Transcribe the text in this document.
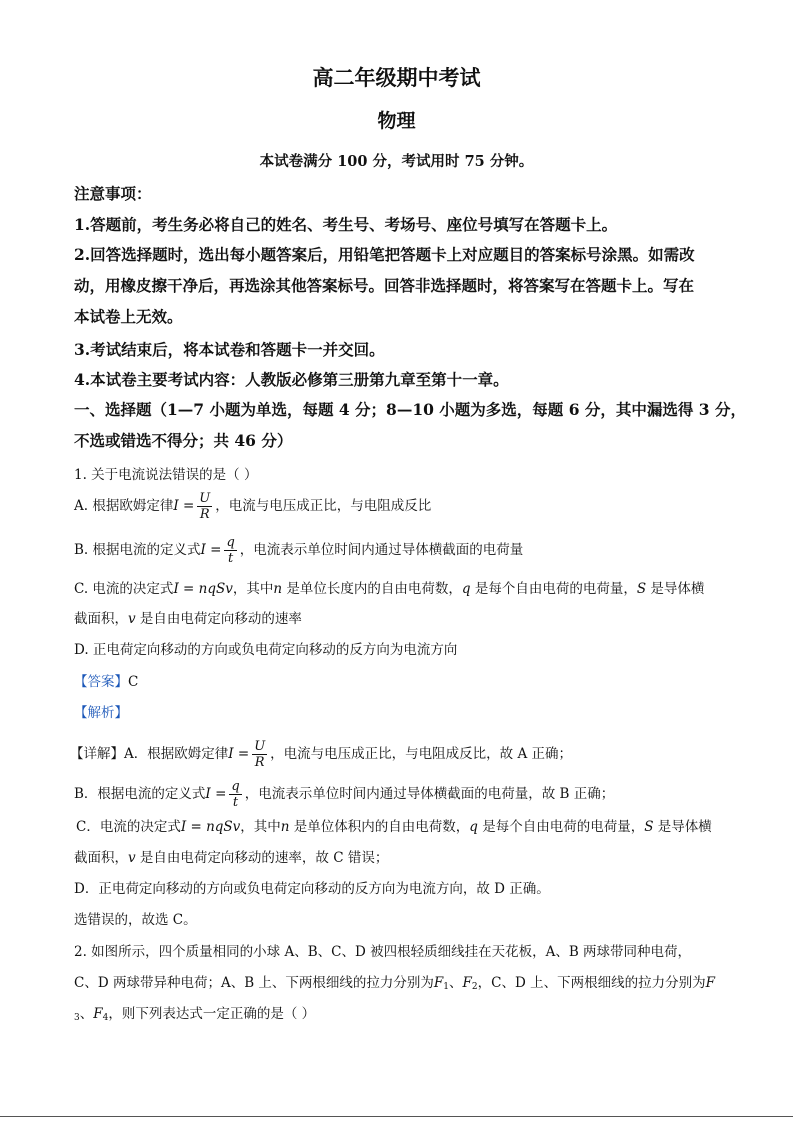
高二年级期中考试
物理
本试卷满分 100 分，考试用时 75 分钟。
注意事项：
1.答题前，考生务必将自己的姓名、考生号、考场号、座位号填写在答题卡上。
2.回答选择题时，选出每小题答案后，用铅笔把答题卡上对应题目的答案标号涂黑。如需改
动，用橡皮擦干净后，再选涂其他答案标号。回答非选择题时，将答案写在答题卡上。写在
本试卷上无效。
3.考试结束后，将本试卷和答题卡一并交回。
4.本试卷主要考试内容：人教版必修第三册第九章至第十一章。
一、选择题（1—7 小题为单选，每题 4 分；8—10 小题为多选，每题 6 分，其中漏选得 3 分，
不选或错选不得分；共 46 分）
1. 关于电流说法错误的是（ ）
A. 根据欧姆定律$I = \frac{U}{R}$ ，电流与电压成正比，与电阻成反比
B. 根据电流的定义式$I = \frac{q}{t}$ ，电流表示单位时间内通过导体横截面的电荷量
C. 电流的决定式I = nqSv，其中n 是单位长度内的自由电荷数，q 是每个自由电荷的电荷量，S 是导体横
截面积，v 是自由电荷定向移动的速率
D. 正电荷定向移动的方向或负电荷定向移动的反方向为电流方向
【答案】C
【解析】
【详解】A．根据欧姆定律$I = \frac{U}{R}$ ，电流与电压成正比，与电阻成反比，故 A 正确；
B．根据电流的定义式$I = \frac{q}{t}$ ，电流表示单位时间内通过导体横截面的电荷量，故 B 正确；
C．电流的决定式I = nqSv，其中n 是单位体积内的自由电荷数，q 是每个自由电荷的电荷量，S 是导体横
截面积，v 是自由电荷定向移动的速率，故 C 错误；
D．正电荷定向移动的方向或负电荷定向移动的反方向为电流方向，故 D 正确。
选错误的，故选 C。
2. 如图所示，四个质量相同的小球 A、B、C、D 被四根轻质细线挂在天花板，A、B 两球带同种电荷，
C、D 两球带异种电荷；A、B 上、下两根细线的拉力分别为$F_1$、$F_2$，C、D 上、下两根细线的拉力分别为F
$_3$、$F_4$，则下列表达式一定正确的是（ ）
